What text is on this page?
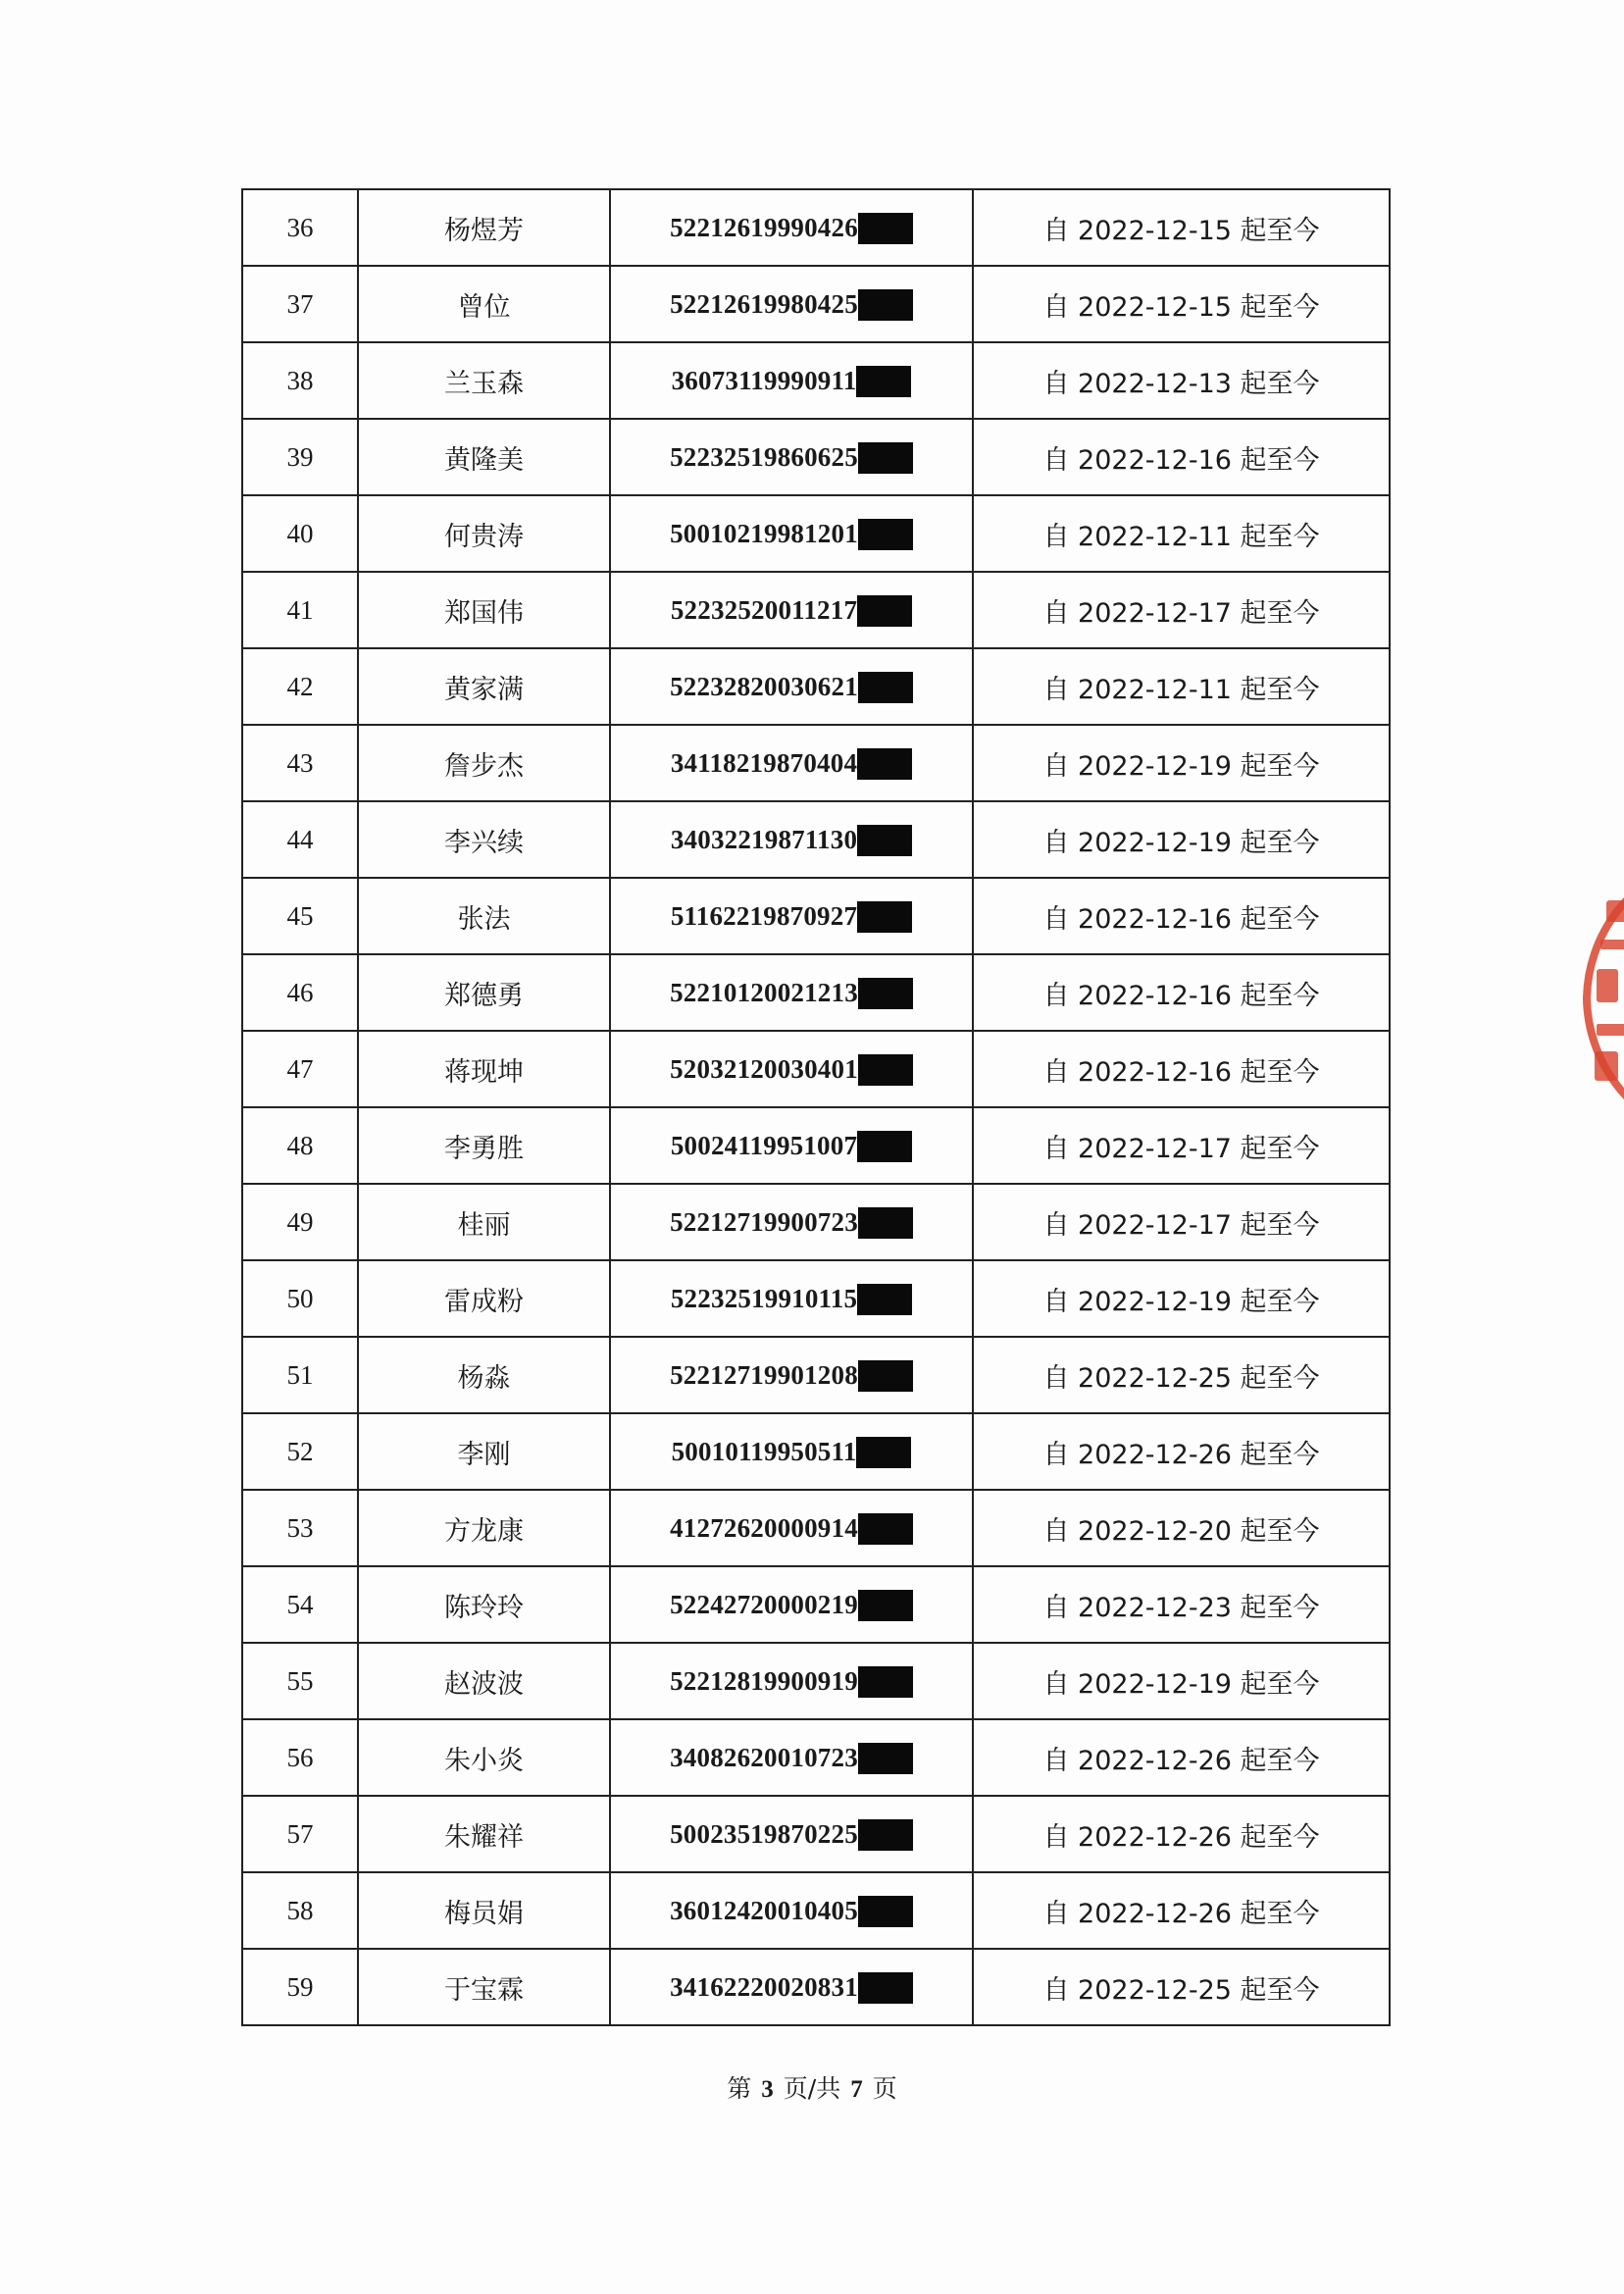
36	杨煜芳	52212619990426	自 2022-12-15 起至今
37	曾位	52212619980425	自 2022-12-15 起至今
38	兰玉森	36073119990911	自 2022-12-13 起至今
39	黄隆美	52232519860625	自 2022-12-16 起至今
40	何贵涛	50010219981201	自 2022-12-11 起至今
41	郑国伟	52232520011217	自 2022-12-17 起至今
42	黄家满	52232820030621	自 2022-12-11 起至今
43	詹步杰	34118219870404	自 2022-12-19 起至今
44	李兴续	34032219871130	自 2022-12-19 起至今
45	张法	51162219870927	自 2022-12-16 起至今
46	郑德勇	52210120021213	自 2022-12-16 起至今
47	蒋现坤	52032120030401	自 2022-12-16 起至今
48	李勇胜	50024119951007	自 2022-12-17 起至今
49	桂丽	52212719900723	自 2022-12-17 起至今
50	雷成粉	52232519910115	自 2022-12-19 起至今
51	杨淼	52212719901208	自 2022-12-25 起至今
52	李刚	50010119950511	自 2022-12-26 起至今
53	方龙康	41272620000914	自 2022-12-20 起至今
54	陈玲玲	52242720000219	自 2022-12-23 起至今
55	赵波波	52212819900919	自 2022-12-19 起至今
56	朱小炎	34082620010723	自 2022-12-26 起至今
57	朱耀祥	50023519870225	自 2022-12-26 起至今
58	梅员娟	36012420010405	自 2022-12-26 起至今
59	于宝霖	34162220020831	自 2022-12-25 起至今
第 3 页/共 7 页
